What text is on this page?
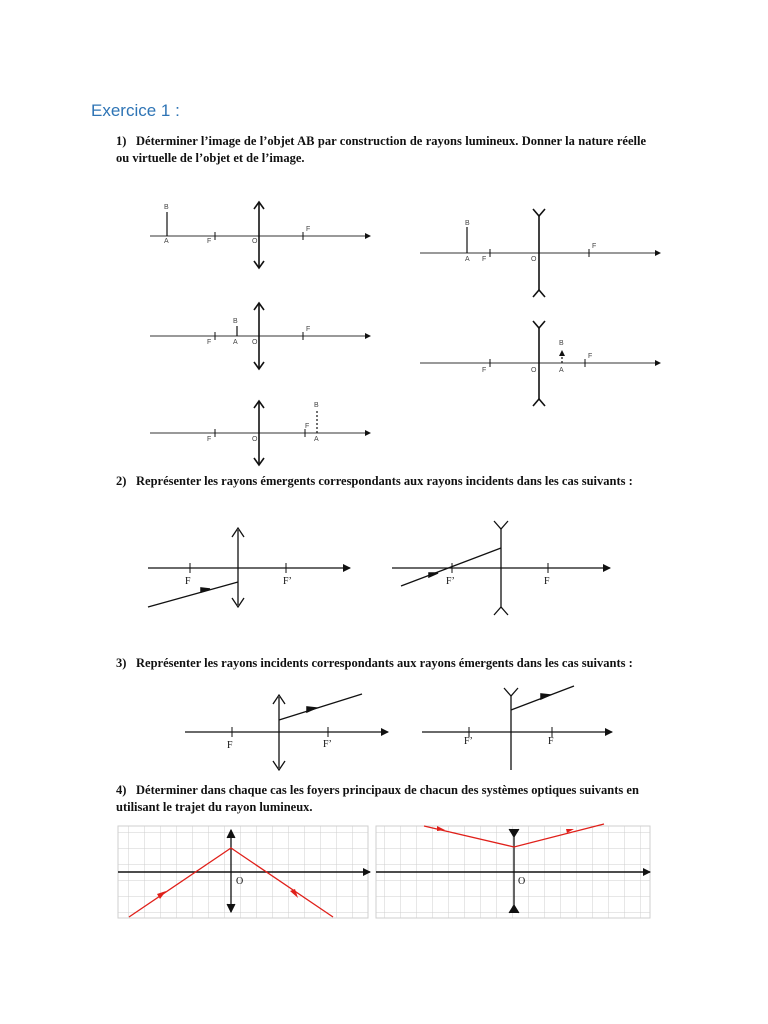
Exercice 1 :
1) Déterminer l’image de l’objet AB par construction de rayons lumineux. Donner la nature réelle ou virtuelle de l’objet et de l’image.
2) Représenter les rayons émergents correspondants aux rayons incidents dans les cas suivants :
3) Représenter les rayons incidents correspondants aux rayons émergents dans les cas suivants :
4) Déterminer dans chaque cas les foyers principaux de chacun des systèmes optiques suivants en utilisant le trajet du rayon lumineux.
B
A	F	O
F
B
A F	O
F
B
A
F	O
F
B
A
F	O
F
B
A
F	O
F
F	F’	F’	F
F	F’	F’	F
O	O
